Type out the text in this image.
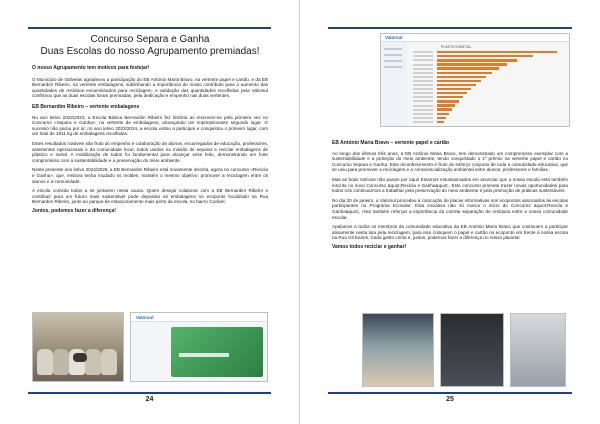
Concurso Separa e Ganha
Duas Escolas do nosso Agrupamento premiadas!
O nosso Agrupamento tem motivos para festejar!

O Município de Odivelas agradeceu a participação do EB António Maria Bravo, na vertente papel e cartão, e da EB Bernardim Ribeiro, na vertente embalagens, sublinhando a importância do nosso contributo para o aumento das quantidades de resíduos encaminhados para reciclagem. A validação das quantidades recolhidas pela Valorsul confirmou que as duas escolas foram premiadas, pela dedicação e empenho nas duas vertentes.

EB Bernardim Ribeiro – vertente embalagens

No ano letivo 2022/2023, a Escola Básica Bernardim Ribeiro fez história ao inscrever-se pela primeira vez no Concurso «Separa e Ganha», na vertente de embalagens, alcançando um impressionante segundo lugar. O sucesso não parou por aí: no ano letivo 2023/2024, a escola voltou a participar e conquistou o primeiro lugar, com um total de 1911 kg de embalagens recolhidas.

Estes resultados notáveis são fruto do empenho e colaboração de alunos, encarregados de educação, professores, assistentes operacionais e da comunidade local, todos unidos na missão de separar e reciclar embalagens de plástico e metal. A mobilização de todos foi fundamental para alcançar esse feito, demonstrando um forte compromisso com a sustentabilidade e a preservação do meio ambiente.

Neste presente ano letivo 2024/2025, a EB Bernardim Ribeiro está novamente inscrita, agora no concurso «Recicla e Ganha», que, embora tenha mudado os moldes, mantém o mesmo objetivo: promover a reciclagem entre os alunos e a comunidade.

A escola convida todos a se juntarem nesta causa. Quem desejar colaborar com a EB Bernardim Ribeiro e contribuir para um futuro mais sustentável pode depositar as embalagens no ecoponto localizado na Rua Bernardim Ribeiro, junto ao parque de estacionamento mais perto da escola, no bairro Codivel.

Juntos, podemos fazer a diferença!
Valorsul
24
Valorsul
PLÁSTICO/METAL
EB António Maria Bravo – vertente papel e cartão

Ao longo dos últimos três anos, a EB António Maria Bravo, tem demonstrado um compromisso exemplar com a sustentabilidade e a proteção do meio ambiente, tendo conquistado o 1º prémio na vertente papel e cartão no Concurso Separa e Ganha. Este reconhecimento é fruto do esforço conjunto de toda a comunidade educativa, que se uniu para promover a reciclagem e a consciencialização ambiental entre alunos, professores e famílias.

Mas as boas notícias não param por aqui! Estamos entusiasmados em anunciar que a nossa escola está também inscrita no novo Concurso &quot;Recicla e Ganha&quot;. Este concurso promete trazer novas oportunidades para todos nós continuarmos a trabalhar pela preservação do meio ambiente e pela promoção de práticas sustentáveis.

No dia 20 de janeiro, a Valorsul procedeu à colocação de placas informativas nos ecopontos associados às escolas participantes no Programa Ecovalor. Esta iniciativa não só marca o início do Concurso &quot;Recicla e Ganha&quot;, mas também reforçar a importância da correta separação de resíduos entre a nossa comunidade escolar.

Apelamos a todos os membros da comunidade educativa da EB António Maria Bravo que continuem a participar ativamente nesta luta pela reciclagem, para isso coloquem o papel e cartão no ecoponto em frente à nossa escola na Rua Gil Eanes. Cada gesto conta e, juntos, podemos fazer a diferença no nosso planeta!

Vamos todos reciclar e ganhar!
25
